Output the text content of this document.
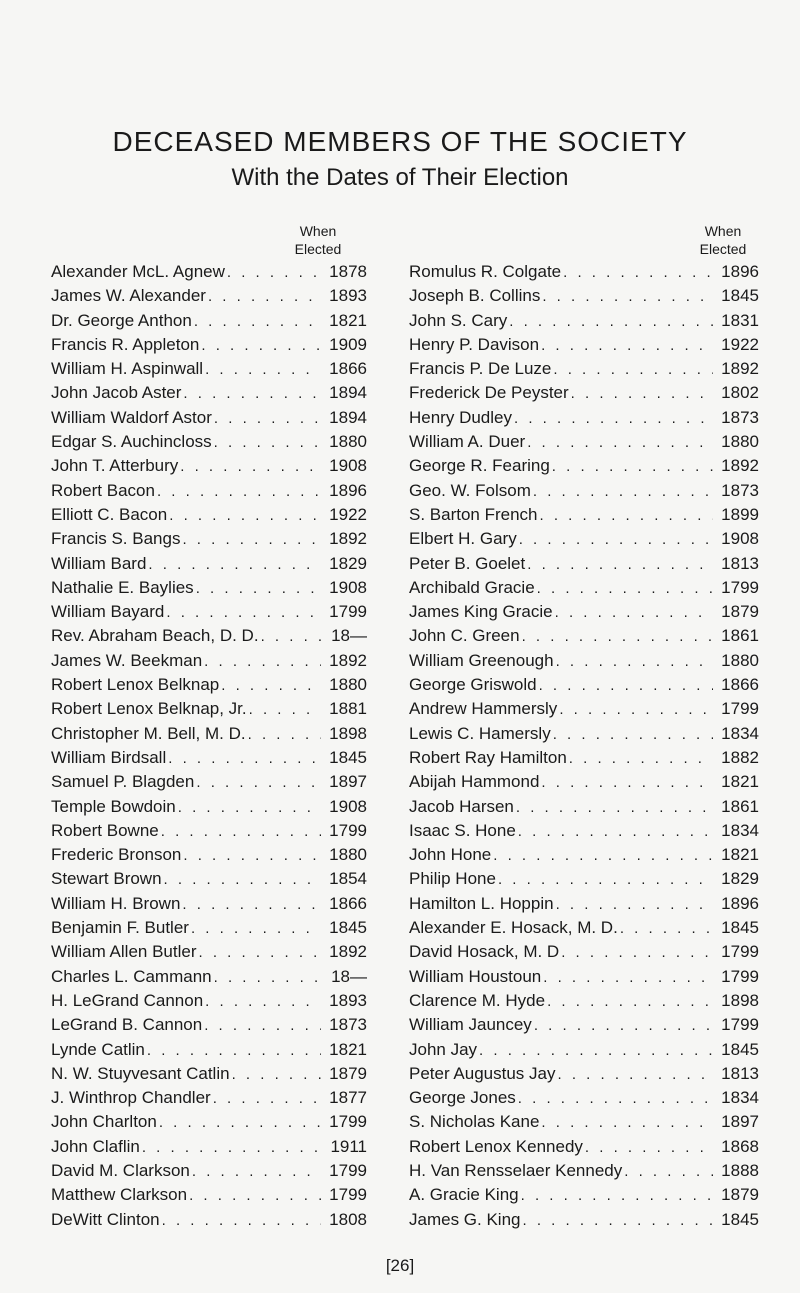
DECEASED MEMBERS OF THE SOCIETY
With the Dates of Their Election
When
Elected
When
Elected
Alexander McL. Agnew . . .	1878
James W. Alexander . . .	1893
Dr. George Anthon . . .	1821
Francis R. Appleton . . .	1909
William H. Aspinwall . . .	1866
John Jacob Aster . . .	1894
William Waldorf Astor . . .	1894
Edgar S. Auchincloss . . .	1880
John T. Atterbury . . .	1908
Robert Bacon . . .	1896
Elliott C. Bacon . . .	1922
Francis S. Bangs . . .	1892
William Bard . . .	1829
Nathalie E. Baylies . . .	1908
William Bayard . . .	1799
Rev. Abraham Beach, D. D. . . .	18—
James W. Beekman . . .	1892
Robert Lenox Belknap . . .	1880
Robert Lenox Belknap, Jr. . . .	1881
Christopher M. Bell, M. D. . . .	1898
William Birdsall . . .	1845
Samuel P. Blagden . . .	1897
Temple Bowdoin . . .	1908
Robert Bowne . . .	1799
Frederic Bronson . . .	1880
Stewart Brown . . .	1854
William H. Brown . . .	1866
Benjamin F. Butler . . .	1845
William Allen Butler . . .	1892
Charles L. Cammann . . .	18—
H. LeGrand Cannon . . .	1893
LeGrand B. Cannon . . .	1873
Lynde Catlin . . .	1821
N. W. Stuyvesant Catlin . . .	1879
J. Winthrop Chandler . . .	1877
John Charlton . . .	1799
John Claflin . . .	1911
David M. Clarkson . . .	1799
Matthew Clarkson . . .	1799
DeWitt Clinton . . .	1808
Romulus R. Colgate . . .	1896
Joseph B. Collins . . .	1845
John S. Cary . . .	1831
Henry P. Davison . . .	1922
Francis P. De Luze . . .	1892
Frederick De Peyster . . .	1802
Henry Dudley . . .	1873
William A. Duer . . .	1880
George R. Fearing . . .	1892
Geo. W. Folsom . . .	1873
S. Barton French . . .	1899
Elbert H. Gary . . .	1908
Peter B. Goelet . . .	1813
Archibald Gracie . . .	1799
James King Gracie . . .	1879
John C. Green . . .	1861
William Greenough . . .	1880
George Griswold . . .	1866
Andrew Hammersly . . .	1799
Lewis C. Hamersly . . .	1834
Robert Ray Hamilton . . .	1882
Abijah Hammond . . .	1821
Jacob Harsen . . .	1861
Isaac S. Hone . . .	1834
John Hone . . .	1821
Philip Hone . . .	1829
Hamilton L. Hoppin . . .	1896
Alexander E. Hosack, M. D. . . .	1845
David Hosack, M. D . . .	1799
William Houstoun . . .	1799
Clarence M. Hyde . . .	1898
William Jauncey . . .	1799
John Jay . . .	1845
Peter Augustus Jay . . .	1813
George Jones . . .	1834
S. Nicholas Kane . . .	1897
Robert Lenox Kennedy . . .	1868
H. Van Rensselaer Kennedy . . .	1888
A. Gracie King . . .	1879
James G. King . . .	1845
[26]
